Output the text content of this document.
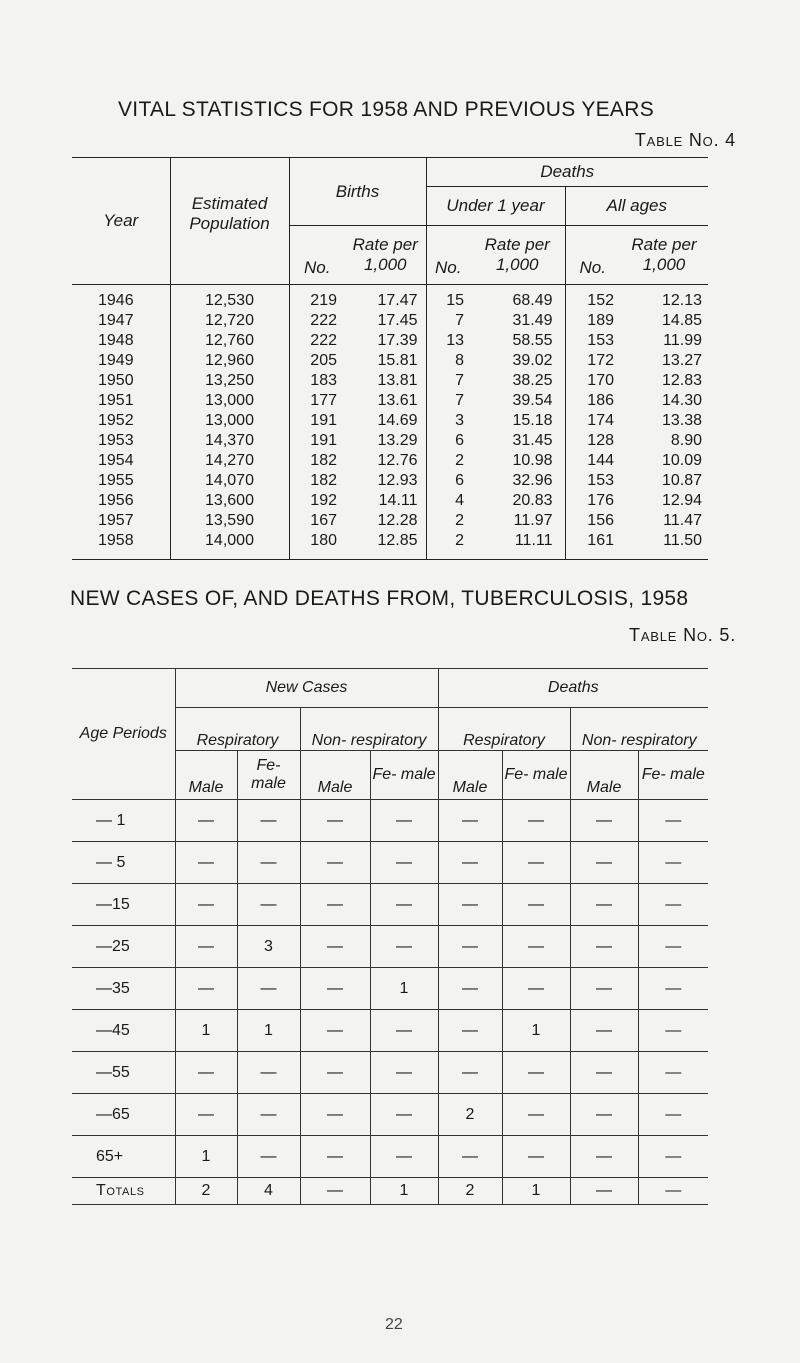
VITAL STATISTICS FOR 1958 AND PREVIOUS YEARS
Table No. 4
Year	Estimated Population	Births		Deaths			
				Under 1 year		All ages	
		No.	Rate per 1,000	No.	Rate per 1,000	No.	Rate per 1,000
1946	12,530	219	17.47	15	68.49	152	12.13
1947	12,720	222	17.45	7	31.49	189	14.85
1948	12,760	222	17.39	13	58.55	153	11.99
1949	12,960	205	15.81	8	39.02	172	13.27
1950	13,250	183	13.81	7	38.25	170	12.83
1951	13,000	177	13.61	7	39.54	186	14.30
1952	13,000	191	14.69	3	15.18	174	13.38
1953	14,370	191	13.29	6	31.45	128	8.90
1954	14,270	182	12.76	2	10.98	144	10.09
1955	14,070	182	12.93	6	32.96	153	10.87
1956	13,600	192	14.11	4	20.83	176	12.94
1957	13,590	167	12.28	2	11.97	156	11.47
1958	14,000	180	12.85	2	11.11	161	11.50
NEW CASES OF, AND DEATHS FROM, TUBERCULOSIS, 1958
Table No. 5.
Age Periods	New Cases				Deaths			
	Respiratory		Non- respiratory		Respiratory		Non- respiratory	
	Male	Fe- male	Male	Fe- male	Male	Fe- male	Male	Fe- male
— 1	—	—	—	—	—	—	—	—
— 5	—	—	—	—	—	—	—	—
—15	—	—	—	—	—	—	—	—
—25	—	3	—	—	—	—	—	—
—35	—	—	—	1	—	—	—	—
—45	1	1	—	—	—	1	—	—
—55	—	—	—	—	—	—	—	—
—65	—	—	—	—	2	—	—	—
65+	1	—	—	—	—	—	—	—
Totals	2	4	—	1	2	1	—	—
22
